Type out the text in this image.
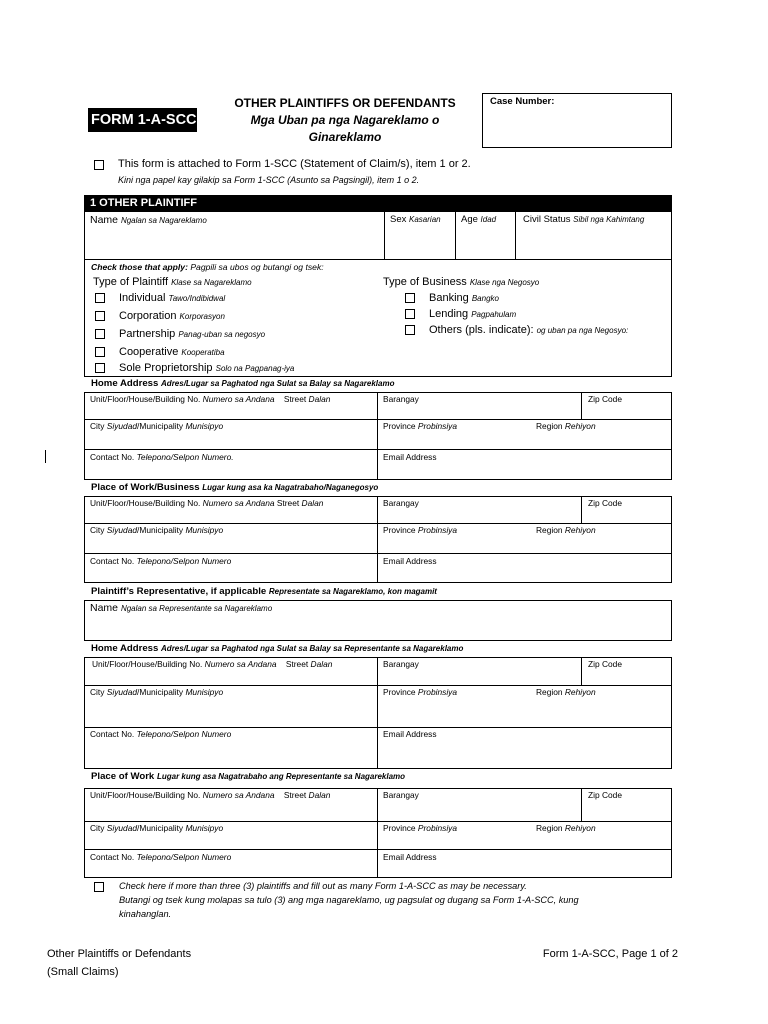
FORM 1-A-SCC
OTHER PLAINTIFFS OR DEFENDANTS
Mga Uban pa nga Nagareklamo o
Ginareklamo
Case Number:
This form is attached to Form 1-SCC (Statement of Claim/s), item 1 or 2.
Kini nga papel kay gilakip sa Form 1-SCC (Asunto sa Pagsingil), item 1 o 2.
1 OTHER PLAINTIFF
Name Ngalan sa Nagareklamo	Sex Kasarian Age Idad	Civil Status Sibil nga Kahimtang
Check those that apply: Pagpili sa ubos og butangi og tsek:
Type of Plaintiff Klase sa Nagareklamo
Individual Tawo/Indibidwal
Corporation Korporasyon
Partnership Panag-uban sa negosyo
Cooperative Kooperatiba
Sole Proprietorship Solo na Pagpanag-iya
Type of Business Klase nga Negosyo
Banking Bangko
Lending Pagpahulam
Others (pls. indicate): og uban pa nga Negosyo:
Home Address Adres/Lugar sa Paghatod nga Sulat sa Balay sa Nagareklamo
Unit/Floor/House/Building No. Numero sa Andana Street Dalan	Barangay	Zip Code
City Siyudad/Municipality Munisipyo	Province Probinsiya	Region Rehiyon
Contact No. Telepono/Selpon Numero.	Email Address
Place of Work/Business Lugar kung asa ka Nagatrabaho/Naganegosyo
Unit/Floor/House/Building No. Numero sa Andana Street Dalan	Barangay	Zip Code
City Siyudad/Municipality Munisipyo	Province Probinsiya	Region Rehiyon
Contact No. Telepono/Selpon Numero	Email Address
Plaintiff’s Representative, if applicable Representate sa Nagareklamo, kon magamit
Name Ngalan sa Representante sa Nagareklamo
Home Address Adres/Lugar sa Paghatod nga Sulat sa Balay sa Representante sa Nagareklamo
Unit/Floor/House/Building No. Numero sa Andana Street Dalan	Barangay	Zip Code
City Siyudad/Municipality Munisipyo	Province Probinsiya	Region Rehiyon
Contact No. Telepono/Selpon Numero	Email Address
Place of Work Lugar kung asa Nagatrabaho ang Representante sa Nagareklamo
Unit/Floor/House/Building No. Numero sa Andana Street Dalan	Barangay	Zip Code
City Siyudad/Municipality Munisipyo	Province Probinsiya	Region Rehiyon
Contact No. Telepono/Selpon Numero	Email Address
Check here if more than three (3) plaintiffs and fill out as many Form 1-A-SCC as may be necessary.
Butangi og tsek kung molapas sa tulo (3) ang mga nagareklamo, ug pagsulat og dugang sa Form 1-A-SCC, kung
kinahanglan.
Other Plaintiffs or Defendants
(Small Claims)
Form 1-A-SCC, Page 1 of 2
